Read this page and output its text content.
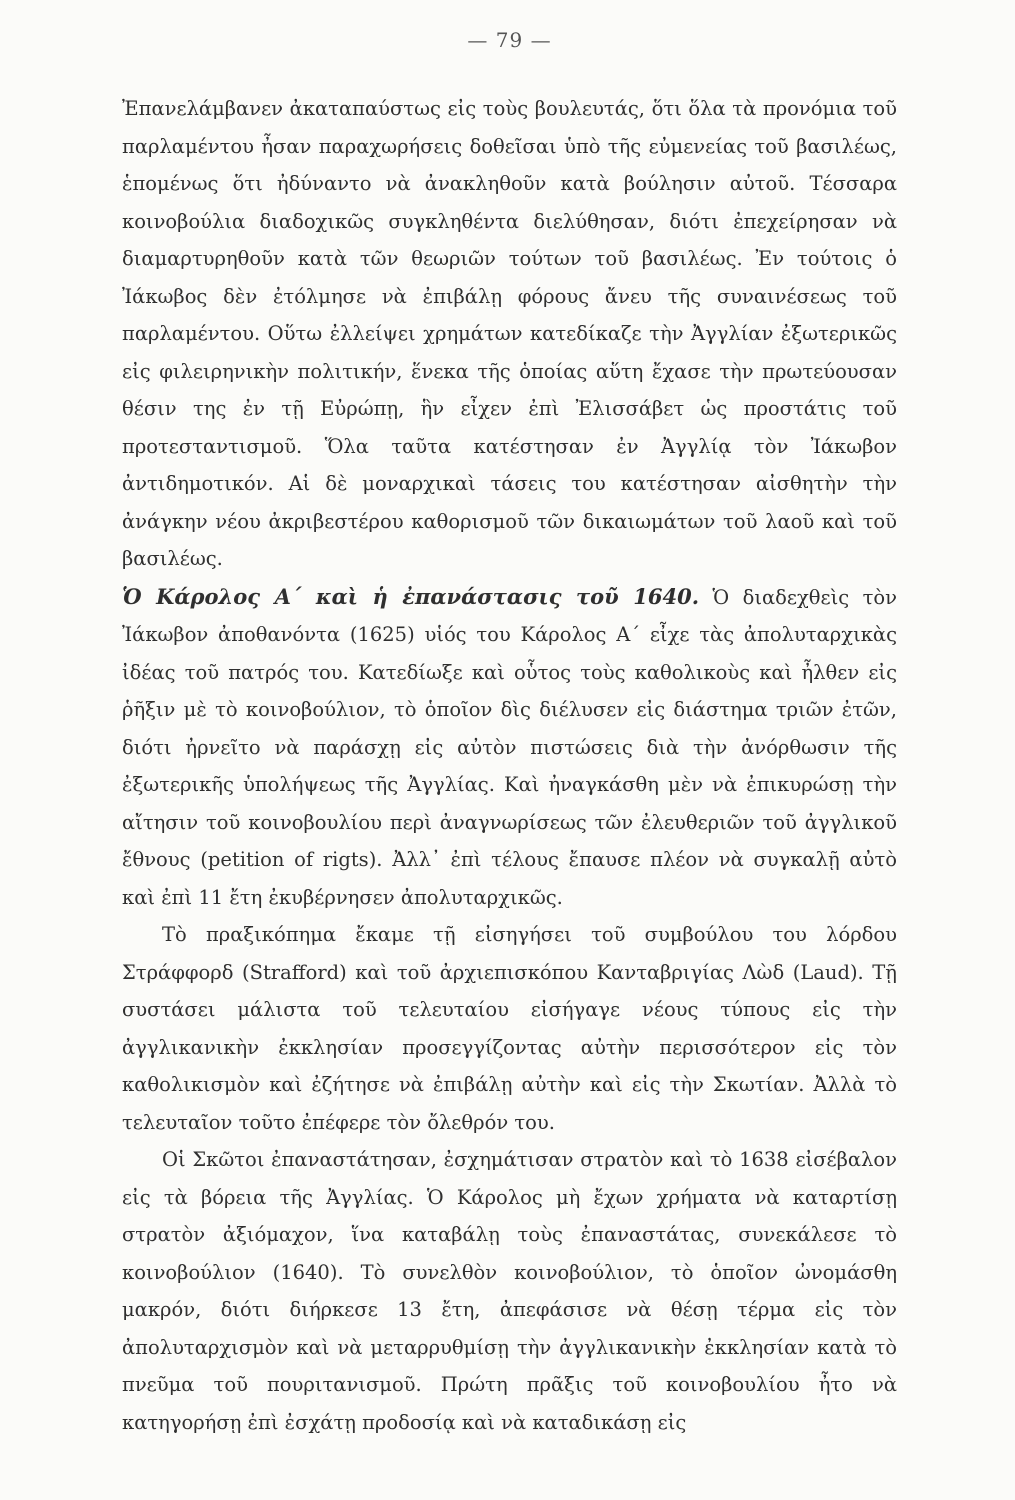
— 79 —

Ἐπανελάμβανεν ἀκαταπαύστως εἰς τοὺς βουλευτάς, ὅτι ὅλα τὰ προνόμια τοῦ παρλαμέντου ἦσαν παραχωρήσεις δοθεῖσαι ὑπὸ τῆς εὐμενείας τοῦ βασιλέως, ἑπομένως ὅτι ἠδύναντο νὰ ἀνακληθοῦν κατὰ βούλησιν αὐτοῦ. Τέσσαρα κοινοβούλια διαδοχικῶς συγκληθέντα διελύθησαν, διότι ἐπεχείρησαν νὰ διαμαρτυρηθοῦν κατὰ τῶν θεωριῶν τούτων τοῦ βασιλέως. Ἐν τούτοις ὁ Ἰάκωβος δὲν ἐτόλμησε νὰ ἐπιβάλῃ φόρους ἄνευ τῆς συναινέσεως τοῦ παρλαμέντου. Οὕτω ἐλλείψει χρημάτων κατεδίκαζε τὴν Ἀγγλίαν ἐξωτερικῶς εἰς φιλειρηνικὴν πολιτικήν, ἕνεκα τῆς ὁποίας αὕτη ἔχασε τὴν πρωτεύουσαν θέσιν της ἐν τῇ Εὐρώπῃ, ἣν εἶχεν ἐπὶ Ἐλισσάβετ ὡς προστάτις τοῦ προτεσταντισμοῦ. Ὅλα ταῦτα κατέστησαν ἐν Ἀγγλίᾳ τὸν Ἰάκωβον ἀντιδημοτικόν. Αἱ δὲ μοναρχικαὶ τάσεις του κατέστησαν αἰσθητὴν τὴν ἀνάγκην νέου ἀκριβεστέρου καθορισμοῦ τῶν δικαιωμάτων τοῦ λαοῦ καὶ τοῦ βασιλέως.

Ὁ Κάρολος Α΄ καὶ ἡ ἐπανάστασις τοῦ 1640. Ὁ διαδεχθεὶς τὸν Ἰάκωβον ἀποθανόντα (1625) υἱός του Κάρολος Α΄ εἶχε τὰς ἀπολυταρχικὰς ἰδέας τοῦ πατρός του. Κατεδίωξε καὶ οὗτος τοὺς καθολικοὺς καὶ ἦλθεν εἰς ῥῆξιν μὲ τὸ κοινοβούλιον, τὸ ὁποῖον δὶς διέλυσεν εἰς διάστημα τριῶν ἐτῶν, διότι ἠρνεῖτο νὰ παράσχῃ εἰς αὐτὸν πιστώσεις διὰ τὴν ἀνόρθωσιν τῆς ἐξωτερικῆς ὑπολήψεως τῆς Ἀγγλίας. Καὶ ἠναγκάσθη μὲν νὰ ἐπικυρώσῃ τὴν αἴτησιν τοῦ κοινοβουλίου περὶ ἀναγνωρίσεως τῶν ἐλευθεριῶν τοῦ ἀγγλικοῦ ἔθνους (petition of rigts). Ἀλλ᾽ ἐπὶ τέλους ἔπαυσε πλέον νὰ συγκαλῇ αὐτὸ καὶ ἐπὶ 11 ἔτη ἐκυβέρνησεν ἀπολυταρχικῶς.

Τὸ πραξικόπημα ἔκαμε τῇ εἰσηγήσει τοῦ συμβούλου του λόρδου Στράφφορδ (Strafford) καὶ τοῦ ἀρχιεπισκόπου Κανταβριγίας Λὼδ (Laud). Τῇ συστάσει μάλιστα τοῦ τελευταίου εἰσήγαγε νέους τύπους εἰς τὴν ἀγγλικανικὴν ἐκκλησίαν προσεγγίζοντας αὐτὴν περισσότερον εἰς τὸν καθολικισμὸν καὶ ἐζήτησε νὰ ἐπιβάλῃ αὐτὴν καὶ εἰς τὴν Σκωτίαν. Ἀλλὰ τὸ τελευταῖον τοῦτο ἐπέφερε τὸν ὄλεθρόν του.

Οἱ Σκῶτοι ἐπαναστάτησαν, ἐσχημάτισαν στρατὸν καὶ τὸ 1638 εἰσέβαλον εἰς τὰ βόρεια τῆς Ἀγγλίας. Ὁ Κάρολος μὴ ἔχων χρήματα νὰ καταρτίσῃ στρατὸν ἀξιόμαχον, ἵνα καταβάλῃ τοὺς ἐπαναστάτας, συνεκάλεσε τὸ κοινοβούλιον (1640). Τὸ συνελθὸν κοινοβούλιον, τὸ ὁποῖον ὠνομάσθη μακρόν, διότι διήρκεσε 13 ἔτη, ἀπεφάσισε νὰ θέσῃ τέρμα εἰς τὸν ἀπολυταρχισμὸν καὶ νὰ μεταρρυθμίσῃ τὴν ἀγγλικανικὴν ἐκκλησίαν κατὰ τὸ πνεῦμα τοῦ πουριτανισμοῦ. Πρώτη πρᾶξις τοῦ κοινοβουλίου ἦτο νὰ κατηγορήσῃ ἐπὶ ἐσχάτῃ προδοσίᾳ καὶ νὰ καταδικάσῃ εἰς
